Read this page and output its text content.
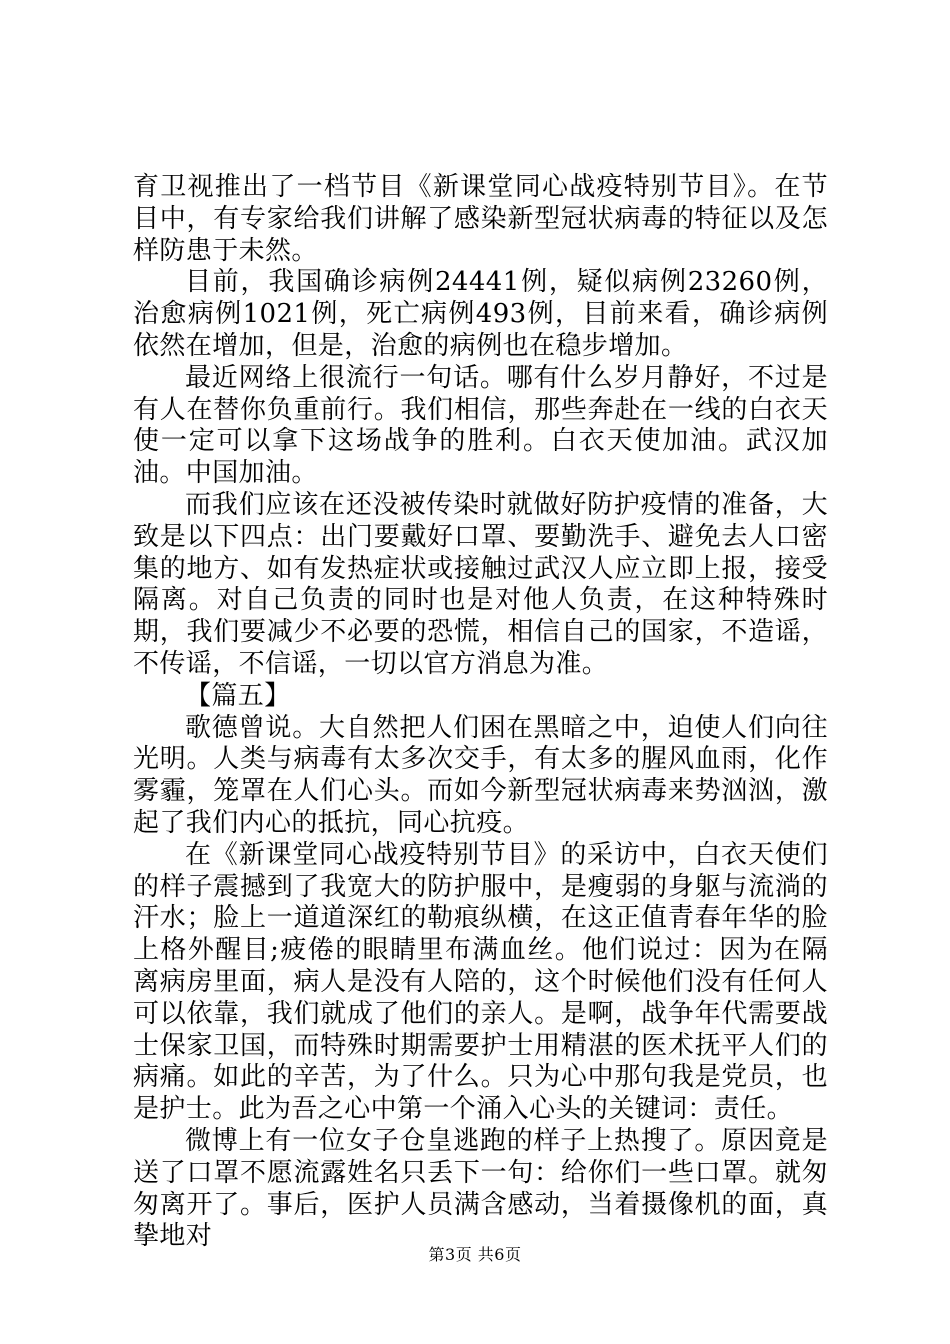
育卫视推出了一档节目《新课堂同心战疫特别节目》。在节目中，有专家给我们讲解了感染新型冠状病毒的特征以及怎样防患于未然。

目前，我国确诊病例24441例，疑似病例23260例，治愈病例1021例，死亡病例493例，目前来看，确诊病例依然在增加，但是，治愈的病例也在稳步增加。

最近网络上很流行一句话。哪有什么岁月静好，不过是有人在替你负重前行。我们相信，那些奔赴在一线的白衣天使一定可以拿下这场战争的胜利。白衣天使加油。武汉加油。中国加油。

而我们应该在还没被传染时就做好防护疫情的准备，大致是以下四点：出门要戴好口罩、要勤洗手、避免去人口密集的地方、如有发热症状或接触过武汉人应立即上报，接受隔离。对自己负责的同时也是对他人负责，在这种特殊时期，我们要减少不必要的恐慌，相信自己的国家，不造谣，不传谣，不信谣，一切以官方消息为准。

【篇五】

歌德曾说。大自然把人们困在黑暗之中，迫使人们向往光明。人类与病毒有太多次交手，有太多的腥风血雨，化作雾霾，笼罩在人们心头。而如今新型冠状病毒来势汹汹，激起了我们内心的抵抗，同心抗疫。

在《新课堂同心战疫特别节目》的采访中，白衣天使们的样子震撼到了我宽大的防护服中，是瘦弱的身躯与流淌的汗水；脸上一道道深红的勒痕纵横，在这正值青春年华的脸上格外醒目;疲倦的眼睛里布满血丝。他们说过：因为在隔离病房里面，病人是没有人陪的，这个时候他们没有任何人可以依靠，我们就成了他们的亲人。是啊，战争年代需要战士保家卫国，而特殊时期需要护士用精湛的医术抚平人们的病痛。如此的辛苦，为了什么。只为心中那句我是党员，也是护士。此为吾之心中第一个涌入心头的关键词：责任。

微博上有一位女子仓皇逃跑的样子上热搜了。原因竟是送了口罩不愿流露姓名只丢下一句：给你们一些口罩。就匆匆离开了。事后，医护人员满含感动，当着摄像机的面，真挚地对

第3页 共6页
